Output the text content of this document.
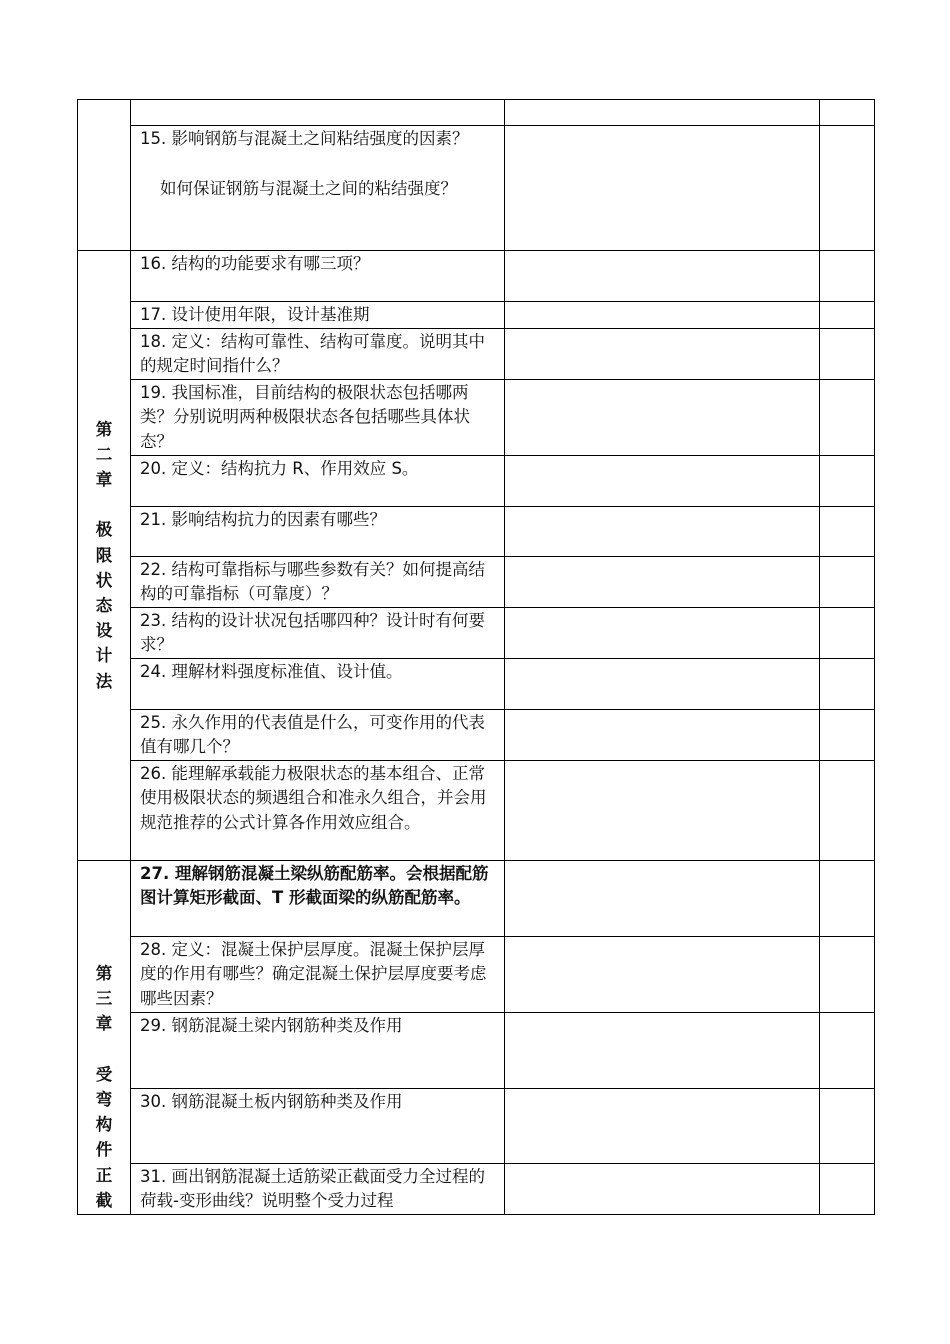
	15. 影响钢筋与混凝土之间粘结强度的因素？
如何保证钢筋与混凝土之间的粘结强度？		

第二章
极限状态设计法	16. 结构的功能要求有哪三项？		

	17. 设计使用年限，设计基准期		

	18. 定义：结构可靠性、结构可靠度。说明其中的规定时间指什么？		

	19. 我国标准，目前结构的极限状态包括哪两类？分别说明两种极限状态各包括哪些具体状态？		

	20. 定义：结构抗力 R、作用效应 S。		

	21. 影响结构抗力的因素有哪些？		

	22. 结构可靠指标与哪些参数有关？如何提高结构的可靠指标（可靠度）？		

	23. 结构的设计状况包括哪四种？设计时有何要求？		

	24. 理解材料强度标准值、设计值。		

	25. 永久作用的代表值是什么，可变作用的代表值有哪几个？		

	26. 能理解承载能力极限状态的基本组合、正常使用极限状态的频遇组合和准永久组合，并会用规范推荐的公式计算各作用效应组合。		

第三章
受弯构件正截	27. 理解钢筋混凝土梁纵筋配筋率。会根据配筋图计算矩形截面、T 形截面梁的纵筋配筋率。		

	28. 定义：混凝土保护层厚度。混凝土保护层厚度的作用有哪些？确定混凝土保护层厚度要考虑哪些因素？		

	29. 钢筋混凝土梁内钢筋种类及作用		

	30. 钢筋混凝土板内钢筋种类及作用		

	31. 画出钢筋混凝土适筋梁正截面受力全过程的荷载-变形曲线？说明整个受力过程		
